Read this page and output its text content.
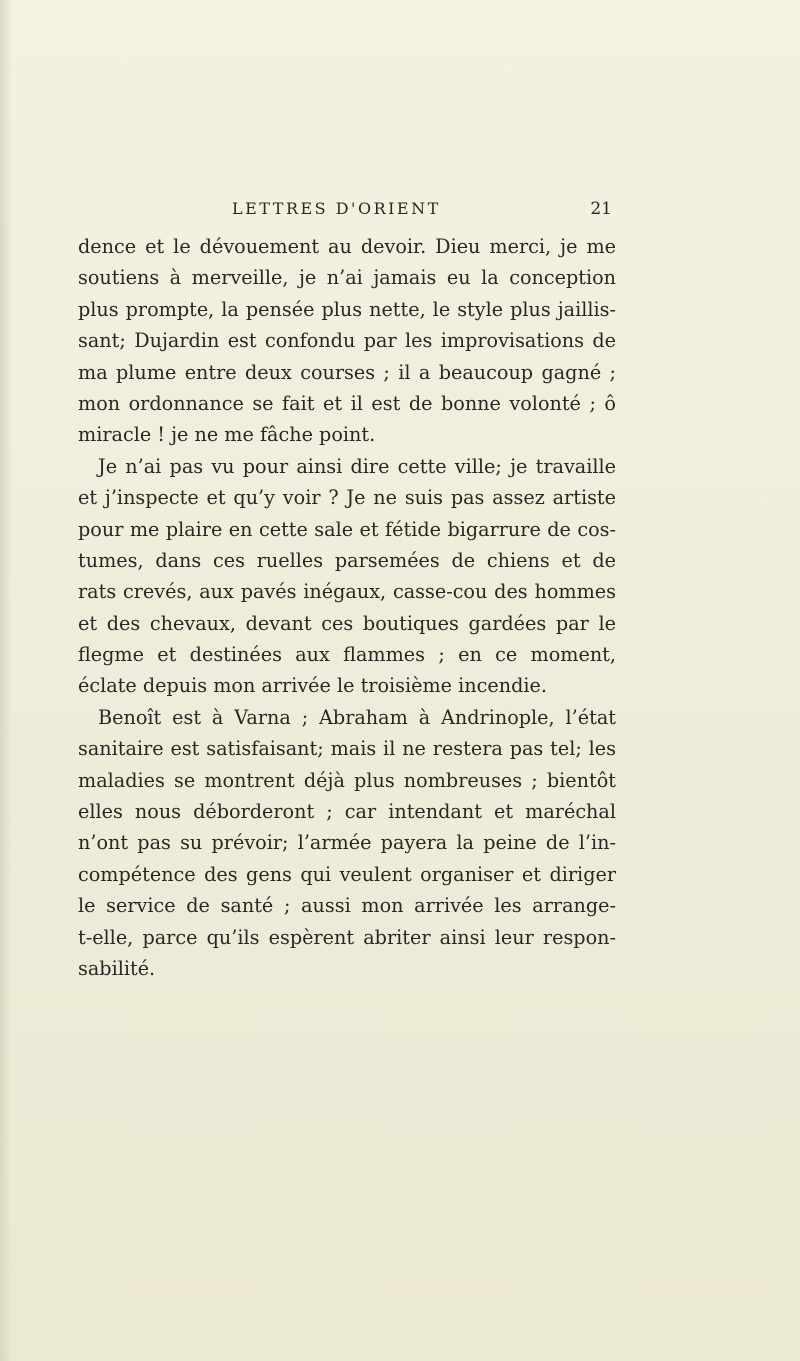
LETTRES D'ORIENT	21
dence et le dévouement au devoir. Dieu merci, je me
soutiens à merveille, je n’ai jamais eu la conception
plus prompte, la pensée plus nette, le style plus jaillis-
sant; Dujardin est confondu par les improvisations de
ma plume entre deux courses ; il a beaucoup gagné ;
mon ordonnance se fait et il est de bonne volonté ; ô
miracle ! je ne me fâche point.
Je n’ai pas vu pour ainsi dire cette ville; je travaille
et j’inspecte et qu’y voir ? Je ne suis pas assez artiste
pour me plaire en cette sale et fétide bigarrure de cos-
tumes, dans ces ruelles parsemées de chiens et de
rats crevés, aux pavés inégaux, casse-cou des hommes
et des chevaux, devant ces boutiques gardées par le
flegme et destinées aux flammes ; en ce moment,
éclate depuis mon arrivée le troisième incendie.
Benoît est à Varna ; Abraham à Andrinople, l’état
sanitaire est satisfaisant; mais il ne restera pas tel; les
maladies se montrent déjà plus nombreuses ; bientôt
elles nous déborderont ; car intendant et maréchal
n’ont pas su prévoir; l’armée payera la peine de l’in-
compétence des gens qui veulent organiser et diriger
le service de santé ; aussi mon arrivée les arrange-
t-elle, parce qu’ils espèrent abriter ainsi leur respon-
sabilité.
